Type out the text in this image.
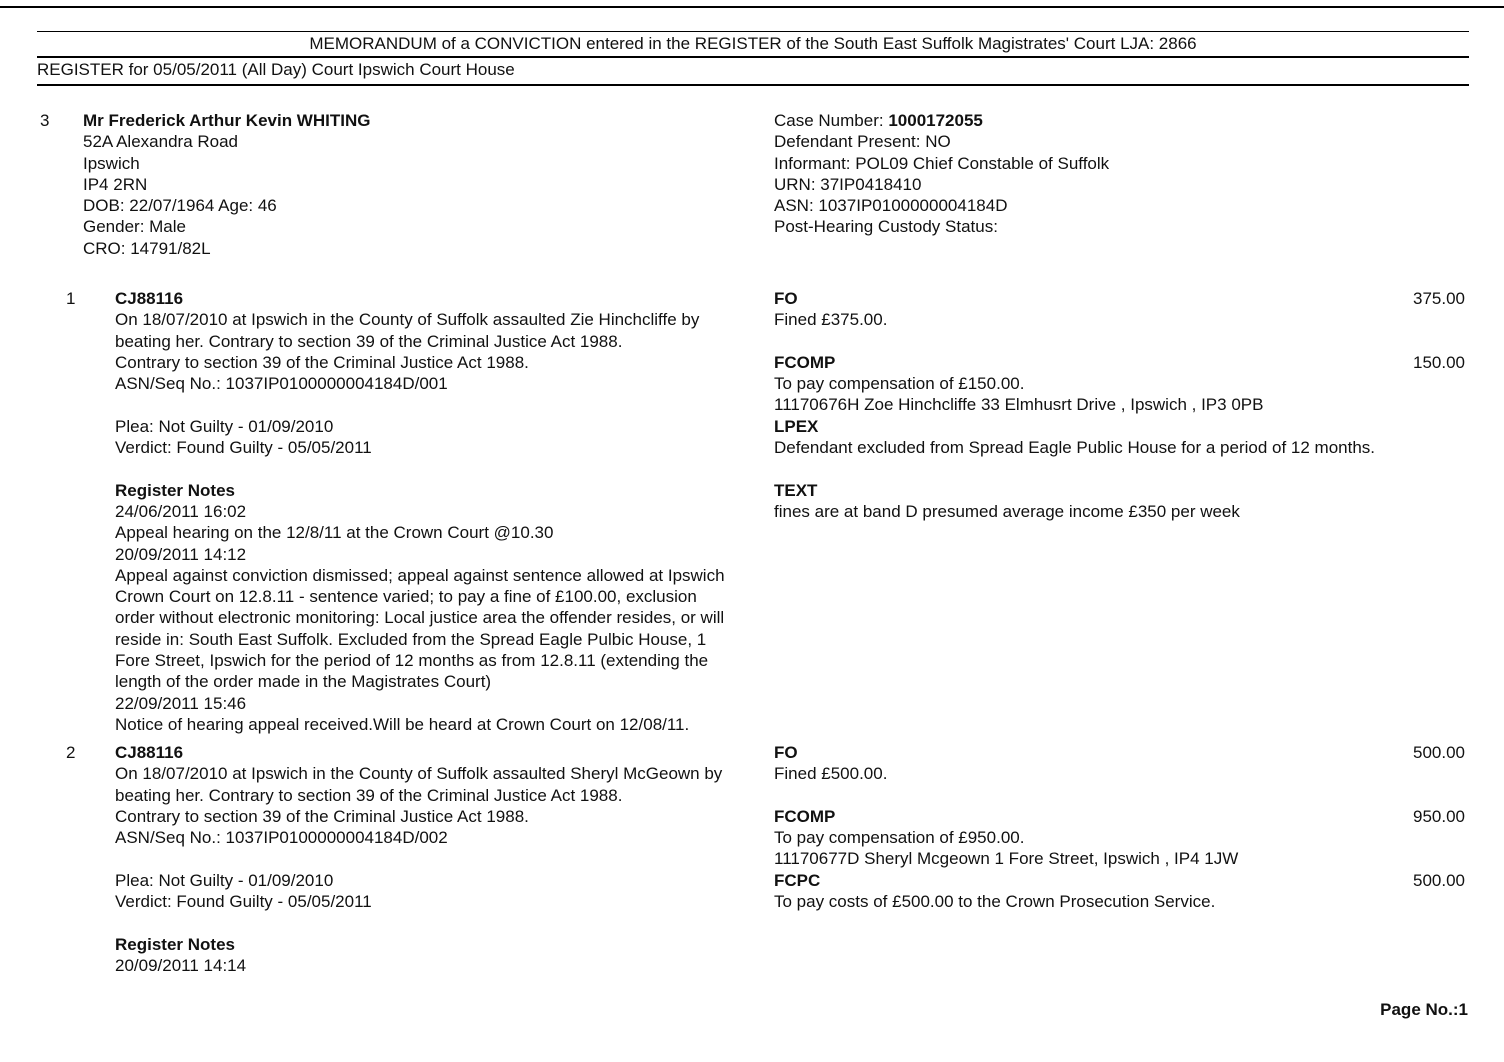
MEMORANDUM of a CONVICTION entered in the REGISTER of the South East Suffolk Magistrates' Court LJA: 2866
REGISTER for 05/05/2011 (All Day) Court Ipswich Court House
3 Mr Frederick Arthur Kevin WHITING
52A Alexandra Road
Ipswich
IP4 2RN
DOB: 22/07/1964 Age: 46
Gender: Male
CRO: 14791/82L
Case Number: 1000172055
Defendant Present: NO
Informant: POL09 Chief Constable of Suffolk
URN: 37IP0418410
ASN: 1037IP0100000004184D
Post-Hearing Custody Status:
1 CJ88116
On 18/07/2010 at Ipswich in the County of Suffolk assaulted Zie Hinchcliffe by
beating her. Contrary to section 39 of the Criminal Justice Act 1988.
Contrary to section 39 of the Criminal Justice Act 1988.
ASN/Seq No.: 1037IP0100000004184D/001
Plea: Not Guilty - 01/09/2010
Verdict: Found Guilty - 05/05/2011
Register Notes
24/06/2011 16:02
Appeal hearing on the 12/8/11 at the Crown Court @10.30
20/09/2011 14:12
Appeal against conviction dismissed; appeal against sentence allowed at Ipswich
Crown Court on 12.8.11 - sentence varied; to pay a fine of £100.00, exclusion
order without electronic monitoring: Local justice area the offender resides, or will
reside in: South East Suffolk. Excluded from the Spread Eagle Pulbic House, 1
Fore Street, Ipswich for the period of 12 months as from 12.8.11 (extending the
length of the order made in the Magistrates Court)
22/09/2011 15:46
Notice of hearing appeal received.Will be heard at Crown Court on 12/08/11.
FO
Fined £375.00.
FCOMP
To pay compensation of £150.00.
11170676H Zoe Hinchcliffe 33 Elmhusrt Drive , Ipswich , IP3 0PB
LPEX
Defendant excluded from Spread Eagle Public House for a period of 12 months.
TEXT
fines are at band D presumed average income £350 per week
375.00
150.00
2 CJ88116
On 18/07/2010 at Ipswich in the County of Suffolk assaulted Sheryl McGeown by
beating her. Contrary to section 39 of the Criminal Justice Act 1988.
Contrary to section 39 of the Criminal Justice Act 1988.
ASN/Seq No.: 1037IP0100000004184D/002
Plea: Not Guilty - 01/09/2010
Verdict: Found Guilty - 05/05/2011
Register Notes
20/09/2011 14:14
FO
Fined £500.00.
FCOMP
To pay compensation of £950.00.
11170677D Sheryl Mcgeown 1 Fore Street, Ipswich , IP4 1JW
FCPC
To pay costs of £500.00 to the Crown Prosecution Service.
500.00
950.00
500.00
Page No.:1
